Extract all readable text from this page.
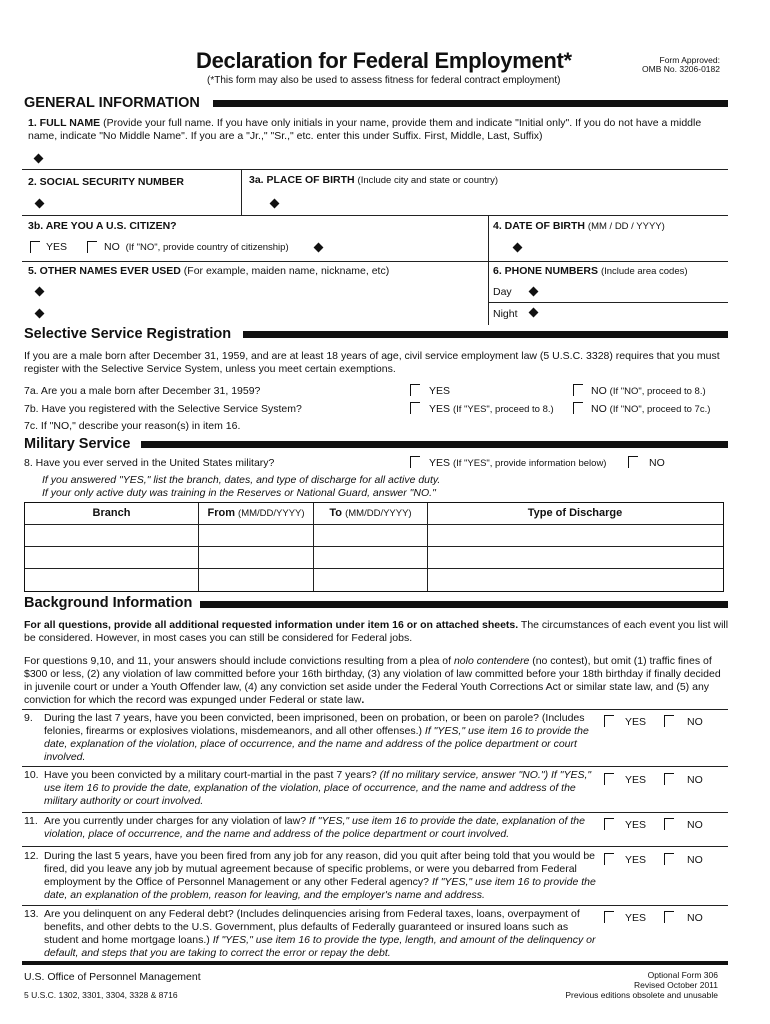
Declaration for Federal Employment*
(*This form may also be used to assess fitness for federal contract employment)
Form Approved:
OMB No. 3206-0182
GENERAL INFORMATION
1. FULL NAME (Provide your full name. If you have only initials in your name, provide them and indicate "Initial only". If you do not have a middle name, indicate "No Middle Name". If you are a "Jr.," "Sr.," etc. enter this under Suffix. First, Middle, Last, Suffix)
2. SOCIAL SECURITY NUMBER	3a. PLACE OF BIRTH (Include city and state or country)
3b. ARE YOU A U.S. CITIZEN?	4. DATE OF BIRTH (MM / DD / YYYY)
YES	NO (If "NO", provide country of citizenship)
5. OTHER NAMES EVER USED (For example, maiden name, nickname, etc)	6. PHONE NUMBERS (Include area codes)
Day
Night
Selective Service Registration
If you are a male born after December 31, 1959, and are at least 18 years of age, civil service employment law (5 U.S.C. 3328) requires that you must register with the Selective Service System, unless you meet certain exemptions.
7a. Are you a male born after December 31, 1959?	YES	NO (If "NO", proceed to 8.)
7b. Have you registered with the Selective Service System?	YES (If "YES", proceed to 8.)	NO (If "NO", proceed to 7c.)
7c. If "NO," describe your reason(s) in item 16.
Military Service
8. Have you ever served in the United States military?	YES (If "YES", provide information below)	NO
If you answered "YES," list the branch, dates, and type of discharge for all active duty.
If your only active duty was training in the Reserves or National Guard, answer "NO."
Branch	From (MM/DD/YYYY)	To (MM/DD/YYYY)	Type of Discharge
Background Information
For all questions, provide all additional requested information under item 16 or on attached sheets. The circumstances of each event you list will be considered. However, in most cases you can still be considered for Federal jobs.
For questions 9,10, and 11, your answers should include convictions resulting from a plea of nolo contendere (no contest), but omit (1) traffic fines of $300 or less, (2) any violation of law committed before your 16th birthday, (3) any violation of law committed before your 18th birthday if finally decided in juvenile court or under a Youth Offender law, (4) any conviction set aside under the Federal Youth Corrections Act or similar state law, and (5) any conviction for which the record was expunged under Federal or state law.
9. During the last 7 years, have you been convicted, been imprisoned, been on probation, or been on parole? (Includes felonies, firearms or explosives violations, misdemeanors, and all other offenses.) If "YES," use item 16 to provide the date, explanation of the violation, place of occurrence, and the name and address of the police department or court involved.
YES	NO
10. Have you been convicted by a military court-martial in the past 7 years? (If no military service, answer "NO.") If "YES," use item 16 to provide the date, explanation of the violation, place of occurrence, and the name and address of the military authority or court involved.
YES	NO
11. Are you currently under charges for any violation of law? If "YES," use item 16 to provide the date, explanation of the violation, place of occurrence, and the name and address of the police department or court involved.
YES	NO
12. During the last 5 years, have you been fired from any job for any reason, did you quit after being told that you would be fired, did you leave any job by mutual agreement because of specific problems, or were you debarred from Federal employment by the Office of Personnel Management or any other Federal agency? If "YES," use item 16 to provide the date, an explanation of the problem, reason for leaving, and the employer's name and address.
YES	NO
13. Are you delinquent on any Federal debt? (Includes delinquencies arising from Federal taxes, loans, overpayment of benefits, and other debts to the U.S. Government, plus defaults of Federally guaranteed or insured loans such as student and home mortgage loans.) If "YES," use item 16 to provide the type, length, and amount of the delinquency or default, and steps that you are taking to correct the error or repay the debt.
YES	NO
U.S. Office of Personnel Management
5 U.S.C. 1302, 3301, 3304, 3328 & 8716
Optional Form 306
Revised October 2011
Previous editions obsolete and unusable
